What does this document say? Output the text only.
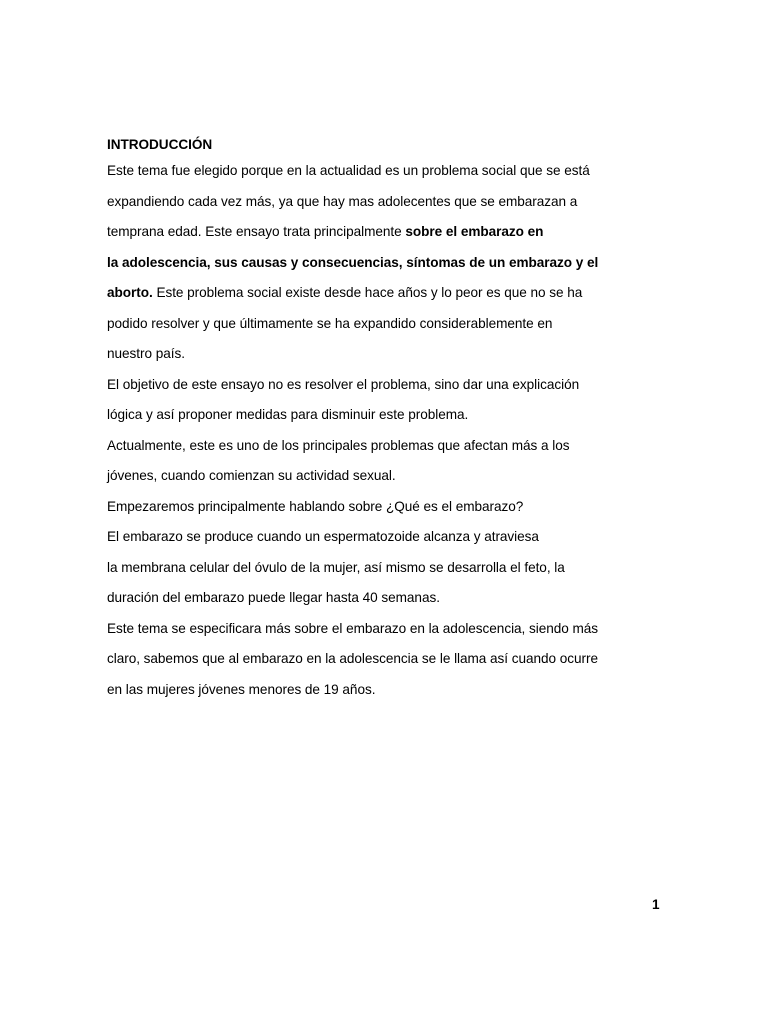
INTRODUCCIÓN
Este tema fue elegido porque en la actualidad es un problema social que se está
expandiendo cada vez más, ya que hay mas adolecentes que se embarazan a
temprana edad. Este ensayo trata principalmente sobre el embarazo en
la adolescencia, sus causas y consecuencias, síntomas de un embarazo y el
aborto. Este problema social existe desde hace años y lo peor es que no se ha
podido resolver y que últimamente se ha expandido considerablemente en
nuestro país.
El objetivo de este ensayo no es resolver el problema, sino dar una explicación
lógica y así proponer medidas para disminuir este problema.
Actualmente, este es uno de los principales problemas que afectan más a los
jóvenes, cuando comienzan su actividad sexual.
Empezaremos principalmente hablando sobre ¿Qué es el embarazo?
El embarazo se produce cuando un espermatozoide alcanza y atraviesa
la membrana celular del óvulo de la mujer, así mismo se desarrolla el feto, la
duración del embarazo puede llegar hasta 40 semanas.
Este tema se especificara más sobre el embarazo en la adolescencia, siendo más
claro, sabemos que al embarazo en la adolescencia se le llama así cuando ocurre
en las mujeres jóvenes menores de 19 años.
1
